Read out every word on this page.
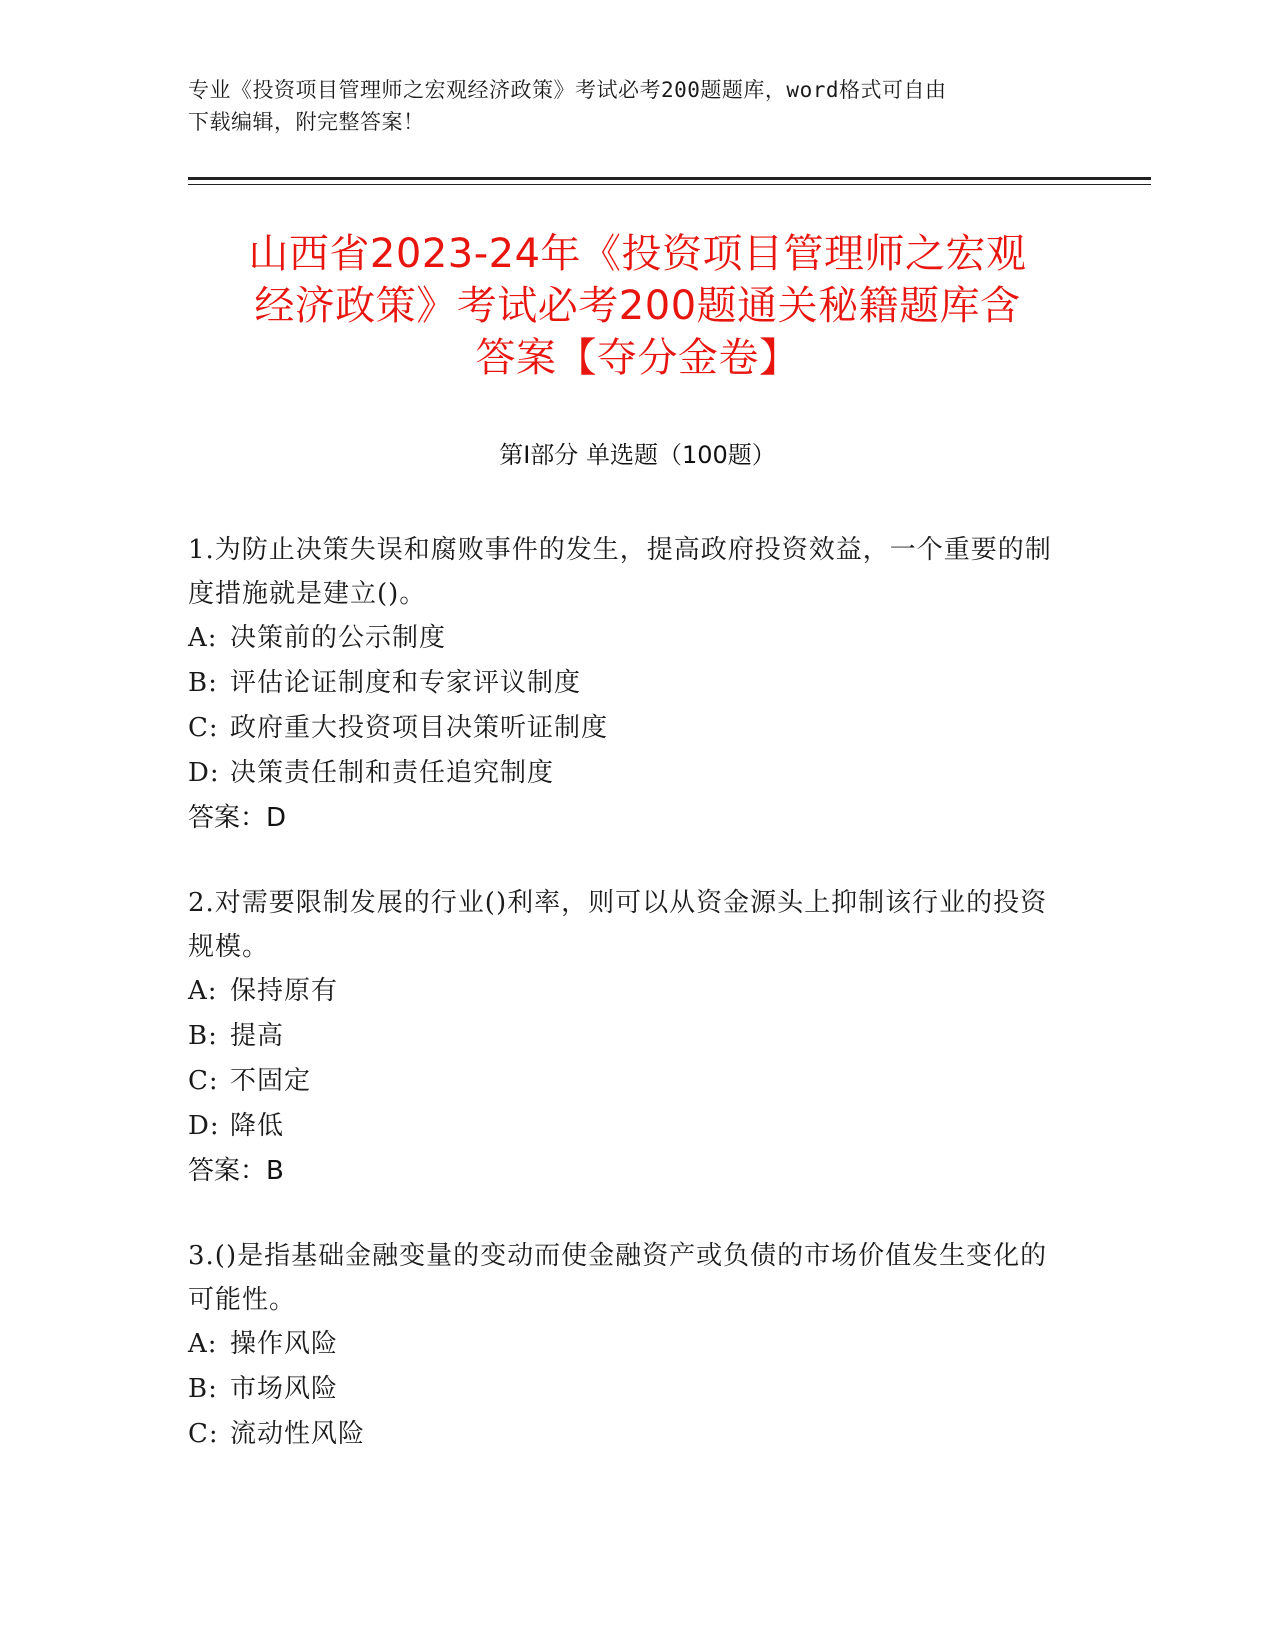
专业《投资项目管理师之宏观经济政策》考试必考200题题库，word格式可自由
下载编辑，附完整答案！
山西省2023-24年《投资项目管理师之宏观
经济政策》考试必考200题通关秘籍题库含
答案【夺分金卷】
第Ⅰ部分 单选题（100题）
1.为防止决策失误和腐败事件的发生，提高政府投资效益，一个重要的制度措施就是建立()。
A: 决策前的公示制度
B: 评估论证制度和专家评议制度
C: 政府重大投资项目决策听证制度
D: 决策责任制和责任追究制度
答案：D
2.对需要限制发展的行业()利率，则可以从资金源头上抑制该行业的投资规模。
A: 保持原有
B: 提高
C: 不固定
D: 降低
答案：B
3.()是指基础金融变量的变动而使金融资产或负债的市场价值发生变化的可能性。
A: 操作风险
B: 市场风险
C: 流动性风险
